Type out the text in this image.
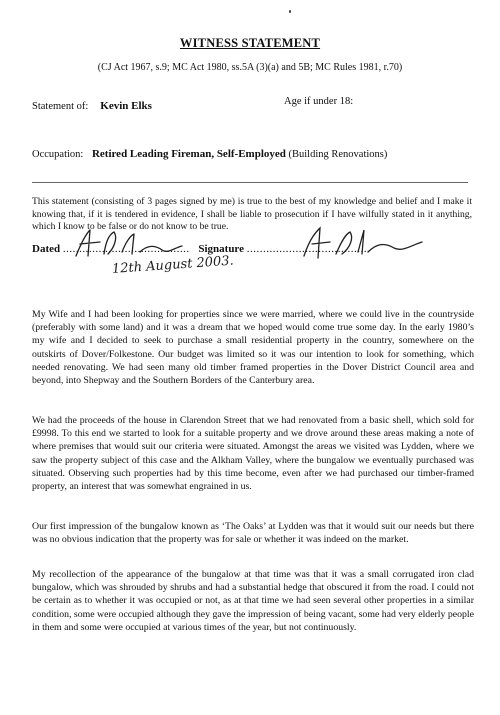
WITNESS STATEMENT
(CJ Act 1967, s.9; MC Act 1980, ss.5A (3)(a) and 5B; MC Rules 1981, r.70)
Statement of: Kevin Elks	Age if under 18:
Occupation: Retired Leading Fireman, Self-Employed (Building Renovations)
This statement (consisting of 3 pages signed by me) is true to the best of my knowledge and belief and I make it knowing that, if it is tendered in evidence, I shall be liable to prosecution if I have wilfully stated in it anything, which I know to be false or do not know to be true.
Dated ....................................... Signature ......................................
12th August 2003.
My Wife and I had been looking for properties since we were married, where we could live in the countryside (preferably with some land) and it was a dream that we hoped would come true some day. In the early 1980’s my wife and I decided to seek to purchase a small residential property in the country, somewhere on the outskirts of Dover/Folkestone. Our budget was limited so it was our intention to look for something, which needed renovating. We had seen many old timber framed properties in the Dover District Council area and beyond, into Shepway and the Southern Borders of the Canterbury area.
We had the proceeds of the house in Clarendon Street that we had renovated from a basic shell, which sold for £9998. To this end we started to look for a suitable property and we drove around these areas making a note of where premises that would suit our criteria were situated. Amongst the areas we visited was Lydden, where we saw the property subject of this case and the Alkham Valley, where the bungalow we eventually purchased was situated. Observing such properties had by this time become, even after we had purchased our timber-framed property, an interest that was somewhat engrained in us.
Our first impression of the bungalow known as ‘The Oaks’ at Lydden was that it would suit our needs but there was no obvious indication that the property was for sale or whether it was indeed on the market.
My recollection of the appearance of the bungalow at that time was that it was a small corrugated iron clad bungalow, which was shrouded by shrubs and had a substantial hedge that obscured it from the road. I could not be certain as to whether it was occupied or not, as at that time we had seen several other properties in a similar condition, some were occupied although they gave the impression of being vacant, some had very elderly people in them and some were occupied at various times of the year, but not continuously.
